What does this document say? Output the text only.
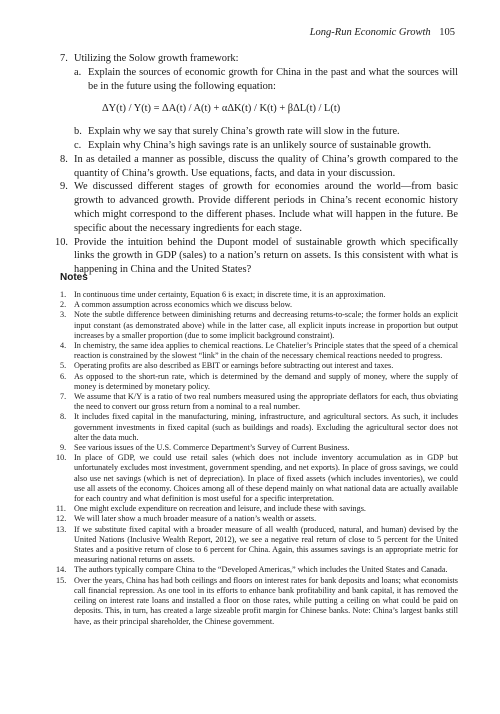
Long-Run Economic Growth 105
7. Utilizing the Solow growth framework:
a. Explain the sources of economic growth for China in the past and what the sources will be in the future using the following equation:
ΔY(t) / Y(t) = ΔA(t) / A(t) + αΔK(t) / K(t) + βΔL(t) / L(t)
b. Explain why we say that surely China’s growth rate will slow in the future.
c. Explain why China’s high savings rate is an unlikely source of sustainable growth.
8. In as detailed a manner as possible, discuss the quality of China’s growth compared to the quantity of China’s growth. Use equations, facts, and data in your discussion.
9. We discussed different stages of growth for economies around the world—from basic growth to advanced growth. Provide different periods in China’s recent economic history which might correspond to the different phases. Include what will happen in the future. Be specific about the necessary ingredients for each stage.
10. Provide the intuition behind the Dupont model of sustainable growth which specifically links the growth in GDP (sales) to a nation’s return on assets. Is this consistent with what is happening in China and the United States?
Notes
1. In continuous time under certainty, Equation 6 is exact; in discrete time, it is an approximation.
2. A common assumption across economics which we discuss below.
3. Note the subtle difference between diminishing returns and decreasing returns-to-scale; the former holds an explicit input constant (as demonstrated above) while in the latter case, all explicit inputs increase in proportion but output increases by a smaller proportion (due to some implicit background constraint).
4. In chemistry, the same idea applies to chemical reactions. Le Chatelier’s Principle states that the speed of a chemical reaction is constrained by the slowest “link” in the chain of the necessary chemical reactions needed to progress.
5. Operating profits are also described as EBIT or earnings before subtracting out interest and taxes.
6. As opposed to the short-run rate, which is determined by the demand and supply of money, where the supply of money is determined by monetary policy.
7. We assume that K/Y is a ratio of two real numbers measured using the appropriate deflators for each, thus obviating the need to convert our gross return from a nominal to a real number.
8. It includes fixed capital in the manufacturing, mining, infrastructure, and agricultural sectors. As such, it includes government investments in fixed capital (such as buildings and roads). Excluding the agricultural sector does not alter the data much.
9. See various issues of the U.S. Commerce Department’s Survey of Current Business.
10. In place of GDP, we could use retail sales (which does not include inventory accumulation as in GDP but unfortunately excludes most investment, government spending, and net exports). In place of gross savings, we could also use net savings (which is net of depreciation). In place of fixed assets (which includes inventories), we could use all assets of the economy. Choices among all of these depend mainly on what national data are actually available for each country and what definition is most useful for a specific interpretation.
11. One might exclude expenditure on recreation and leisure, and include these with savings.
12. We will later show a much broader measure of a nation’s wealth or assets.
13. If we substitute fixed capital with a broader measure of all wealth (produced, natural, and human) devised by the United Nations (Inclusive Wealth Report, 2012), we see a negative real return of close to 5 percent for the United States and a positive return of close to 6 percent for China. Again, this assumes savings is an appropriate metric for measuring national returns on assets.
14. The authors typically compare China to the “Developed Americas,” which includes the United States and Canada.
15. Over the years, China has had both ceilings and floors on interest rates for bank deposits and loans; what economists call financial repression. As one tool in its efforts to enhance bank profitability and bank capital, it has removed the ceiling on interest rate loans and installed a floor on those rates, while putting a ceiling on what could be paid on deposits. This, in turn, has created a large sizeable profit margin for Chinese banks. Note: China’s largest banks still have, as their principal shareholder, the Chinese government.
